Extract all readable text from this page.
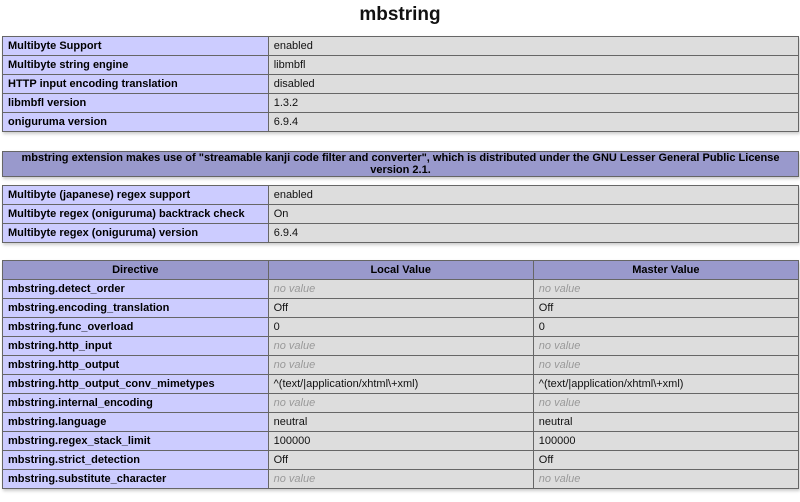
mbstring
Multibyte Support	enabled
Multibyte string engine	libmbfl
HTTP input encoding translation	disabled
libmbfl version	1.3.2
oniguruma version	6.9.4
mbstring extension makes use of "streamable kanji code filter and converter", which is distributed under the GNU Lesser General Public License version 2.1.
Multibyte (japanese) regex support	enabled
Multibyte regex (oniguruma) backtrack check	On
Multibyte regex (oniguruma) version	6.9.4
Directive	Local Value	Master Value
mbstring.detect_order	no value	no value
mbstring.encoding_translation	Off	Off
mbstring.func_overload	0	0
mbstring.http_input	no value	no value
mbstring.http_output	no value	no value
mbstring.http_output_conv_mimetypes	^(text/|application/xhtml\+xml)	^(text/|application/xhtml\+xml)
mbstring.internal_encoding	no value	no value
mbstring.language	neutral	neutral
mbstring.regex_stack_limit	100000	100000
mbstring.strict_detection	Off	Off
mbstring.substitute_character	no value	no value
